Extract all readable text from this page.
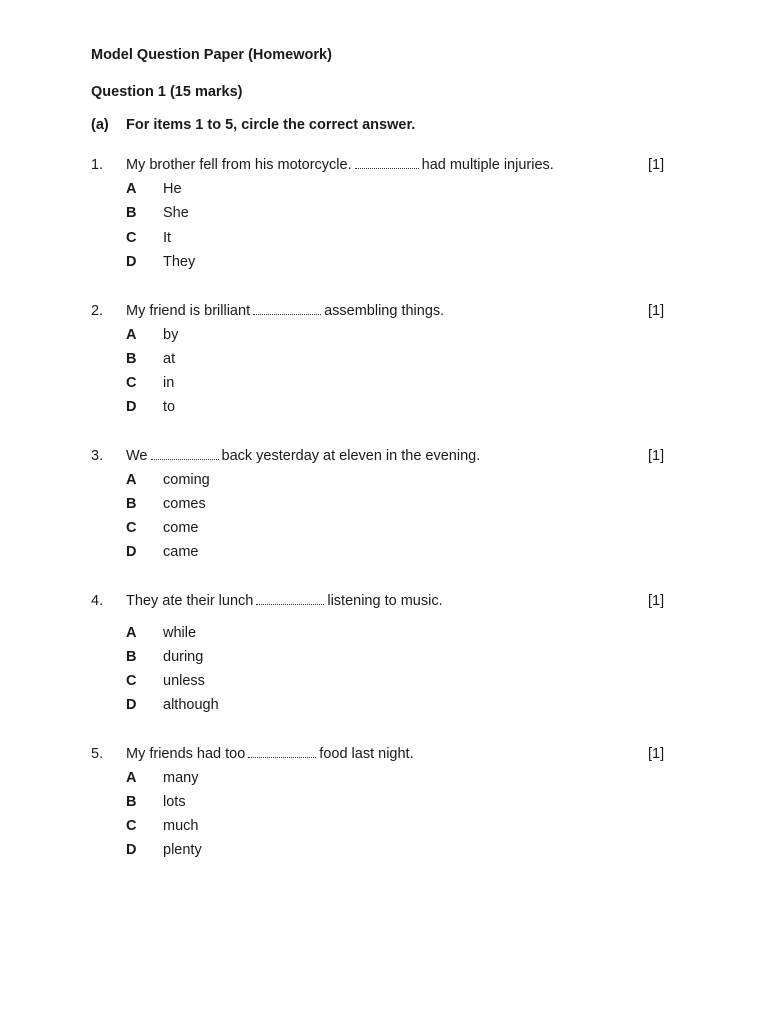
Model Question Paper (Homework)
Question 1 (15 marks)
(a) For items 1 to 5, circle the correct answer.
1. My brother fell from his motorcycle.	had multiple injuries.	[1]
A He
B She
C It
D They
2. My friend is brilliant	assembling things.	[1]
A by
B at
C in
D to
3. We	back yesterday at eleven in the evening.	[1]
A coming
B comes
C come
D came
4. They ate their lunch	listening to music.	[1]
A while
B during
C unless
D although
5. My friends had too	food last night.	[1]
A many
B lots
C much
D plenty
